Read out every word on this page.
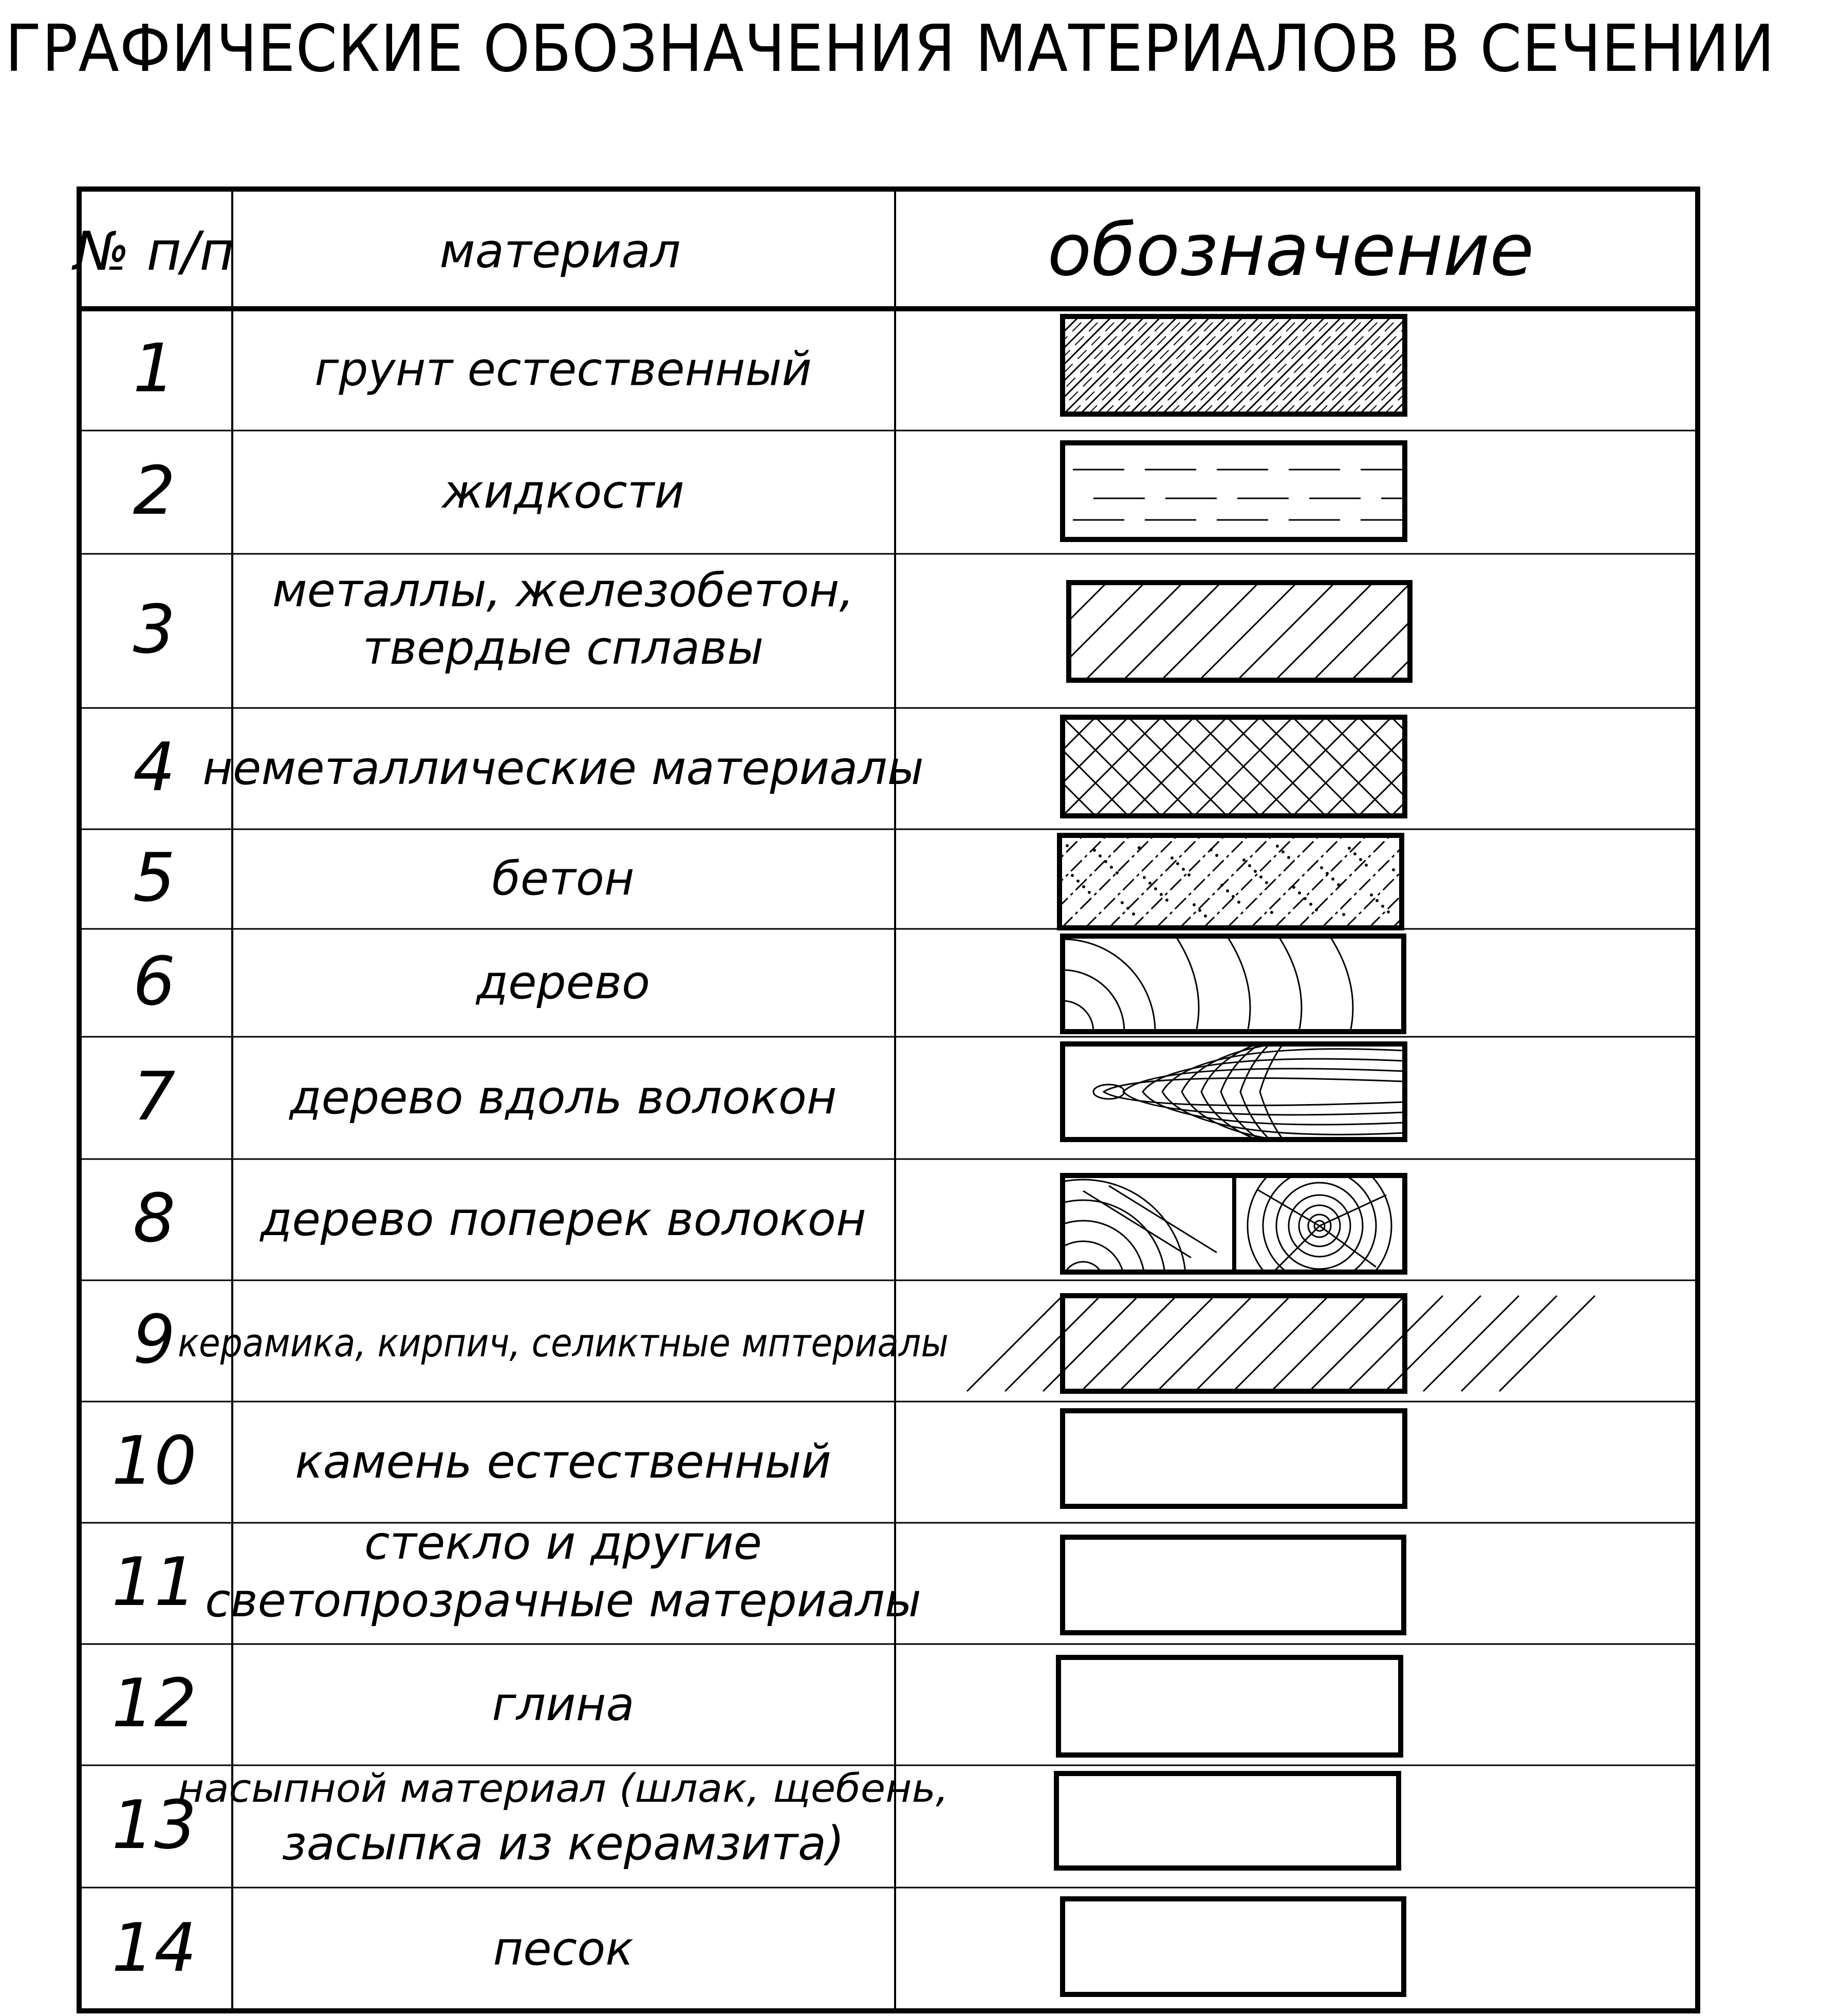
ГРАФИЧЕСКИЕ ОБОЗНАЧЕНИЯ МАТЕРИАЛОВ В СЕЧЕНИИ
№ п/п	материал	обозначение
1	грунт естественный
2	жидкости
3 металлы, железобетон,
твердые сплавы
4 неметаллические материалы
5	бетон
6	дерево
7 дерево вдоль волокон
8 дерево поперек волокон
9 керамика, кирпич, селиктные мптериалы
10 камень естественный
11	стекло и другие
светопрозрачные материалы
12	глина
13
насыпной материал (шлак, щебень,
засыпка из керамзита)
14	песок
